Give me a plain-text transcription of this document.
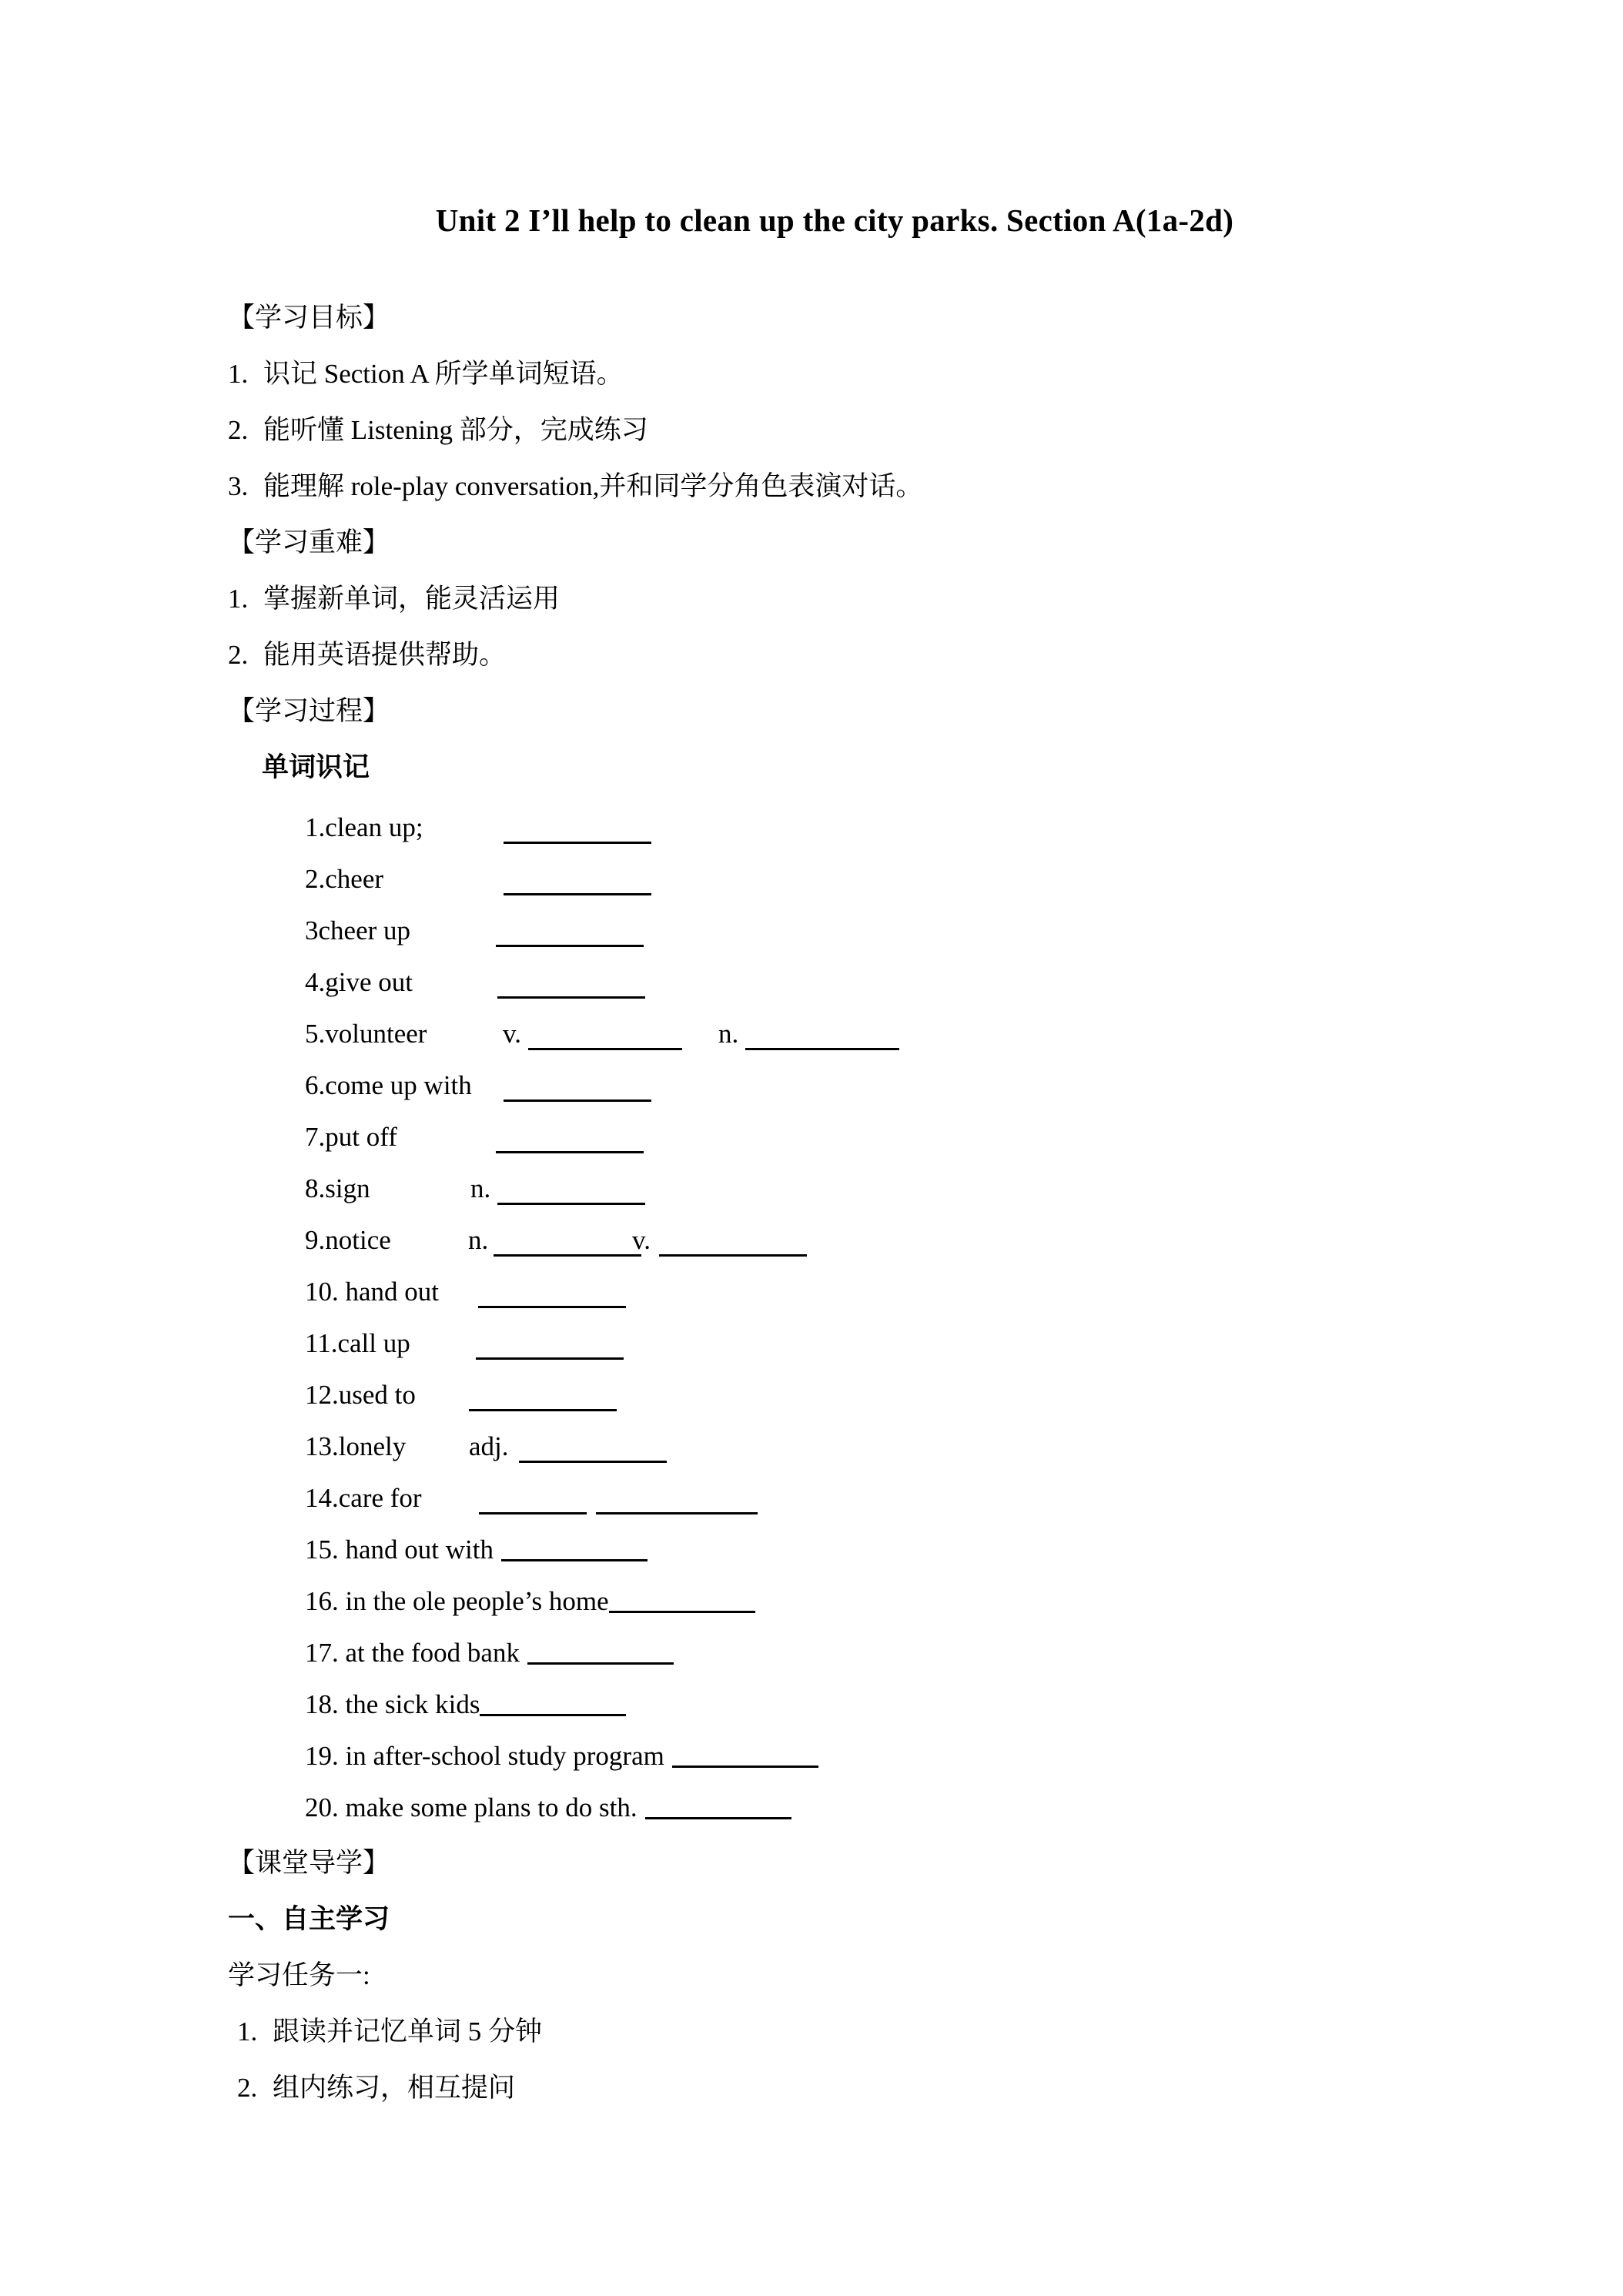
Unit 2 I’ll help to clean up the city parks. Section A(1a-2d)
【学习目标】
1. 识记 Section A 所学单词短语。
2. 能听懂 Listening 部分，完成练习
3. 能理解 role-play conversation,并和同学分角色表演对话。
【学习重难】
1. 掌握新单词，能灵活运用
2. 能用英语提供帮助。
【学习过程】
单词识记
1.clean up;
2.cheer
3cheer up
4.give out
5.volunteer	v.	n.
6.come up with
7.put off
8.sign	n.
9.notice	n.	v.
10. hand out
11.call up
12.used to
13.lonely adj.
14.care for
15. hand out with
16. in the ole people’s home
17. at the food bank
18. the sick kids
19. in after-school study program
20. make some plans to do sth.
【课堂导学】
一、自主学习
学习任务一:
1. 跟读并记忆单词 5 分钟
2. 组内练习，相互提问
